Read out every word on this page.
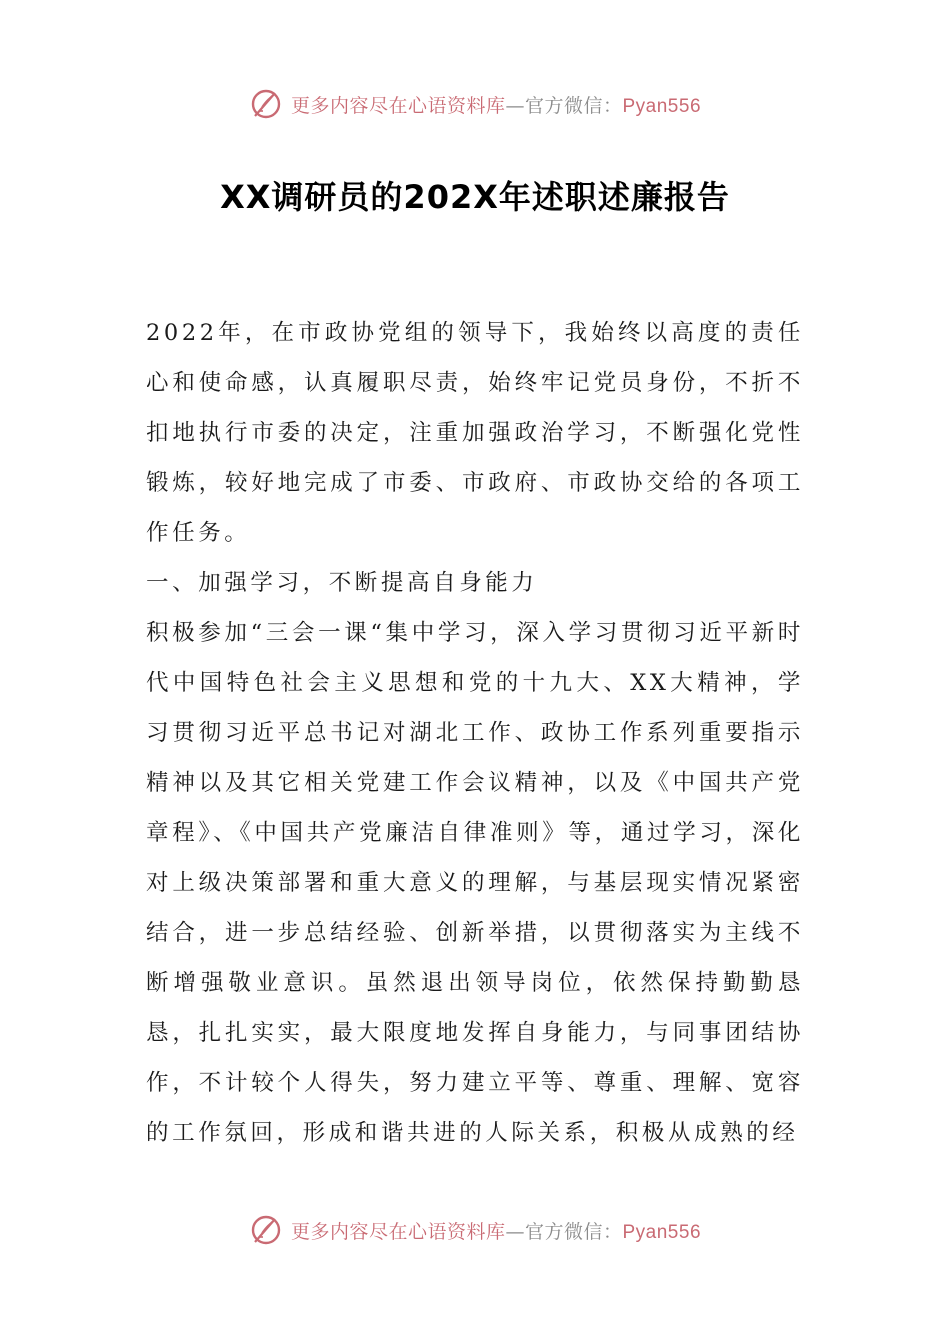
更多内容尽在心语资料库—官方微信：Pyan556
XX调研员的202X年述职述廉报告

2022年，在市政协党组的领导下，我始终以高度的责任心和使命感，认真履职尽责，始终牢记党员身份，不折不扣地执行市委的决定，注重加强政治学习，不断强化党性锻炼，较好地完成了市委、市政府、市政协交给的各项工作任务。

一、加强学习，不断提高自身能力

积极参加“三会一课“集中学习，深入学习贯彻习近平新时代中国特色社会主义思想和党的十九大、XX大精神，学习贯彻习近平总书记对湖北工作、政协工作系列重要指示精神以及其它相关党建工作会议精神，以及《中国共产党章程》、《中国共产党廉洁自律准则》等，通过学习，深化对上级决策部署和重大意义的理解，与基层现实情况紧密结合，进一步总结经验、创新举措，以贯彻落实为主线不断增强敬业意识。虽然退出领导岗位，依然保持勤勤恳恳，扎扎实实，最大限度地发挥自身能力，与同事团结协作，不计较个人得失，努力建立平等、尊重、理解、宽容的工作氛回，形成和谐共进的人际关系，积极从成熟的经

更多内容尽在心语资料库—官方微信：Pyan556
